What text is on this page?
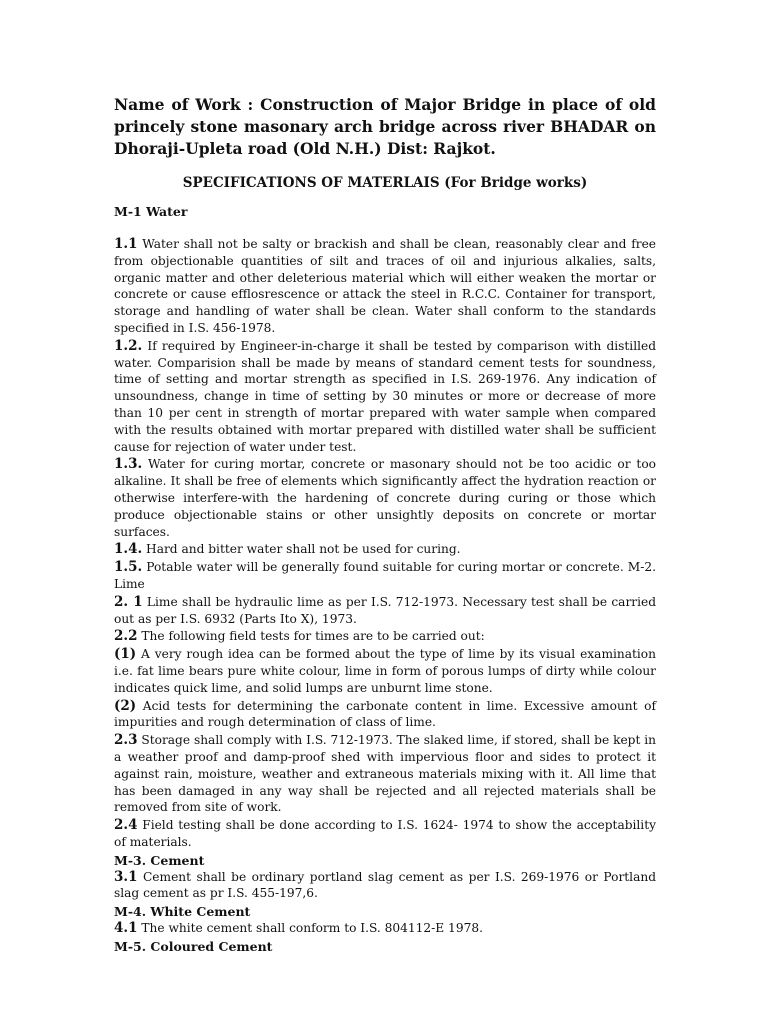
Name of Work : Construction of Major Bridge in place of old princely stone masonary arch bridge across river BHADAR on Dhoraji-Upleta road (Old N.H.) Dist: Rajkot.

SPECIFICATIONS OF MATERLAIS (For Bridge works)

M-1 Water

1.1 Water shall not be salty or brackish and shall be clean, reasonably clear and free from objectionable quantities of silt and traces of oil and injurious alkalies, salts, organic matter and other deleterious material which will either weaken the mortar or concrete or cause efflosrescence or attack the steel in R.C.C. Container for transport, storage and handling of water shall be clean. Water shall conform to the standards specified in I.S. 456-1978.

1.2. If required by Engineer-in-charge it shall be tested by comparison with distilled water. Comparision shall be made by means of standard cement tests for soundness, time of setting and mortar strength as specified in I.S. 269-1976. Any indication of unsoundness, change in time of setting by 30 minutes or more or decrease of more than 10 per cent in strength of mortar prepared with water sample when compared with the results obtained with mortar prepared with distilled water shall be sufficient cause for rejection of water under test.

1.3. Water for curing mortar, concrete or masonary should not be too acidic or too alkaline. It shall be free of elements which significantly affect the hydration reaction or otherwise interfere-with the hardening of concrete during curing or those which produce objectionable stains or other unsightly deposits on concrete or mortar surfaces.

1.4. Hard and bitter water shall not be used for curing.

1.5. Potable water will be generally found suitable for curing mortar or concrete. M-2. Lime

2. 1 Lime shall be hydraulic lime as per I.S. 712-1973. Necessary test shall be carried out as per I.S. 6932 (Parts Ito X), 1973.

2.2 The following field tests for times are to be carried out:

(1) A very rough idea can be formed about the type of lime by its visual examination i.e. fat lime bears pure white colour, lime in form of porous lumps of dirty while colour indicates quick lime, and solid lumps are unburnt lime stone.

(2) Acid tests for determining the carbonate content in lime. Excessive amount of impurities and rough determination of class of lime.

2.3 Storage shall comply with I.S. 712-1973. The slaked lime, if stored, shall be kept in a weather proof and damp-proof shed with impervious floor and sides to protect it against rain, moisture, weather and extraneous materials mixing with it. All lime that has been damaged in any way shall be rejected and all rejected materials shall be removed from site of work.

2.4 Field testing shall be done according to I.S. 1624- 1974 to show the acceptability of materials.

M-3. Cement

3.1 Cement shall be ordinary portland slag cement as per I.S. 269-1976 or Portland slag cement as pr I.S. 455-197,6.

M-4. White Cement

4.1 The white cement shall conform to I.S. 804112-E 1978.

M-5. Coloured Cement
